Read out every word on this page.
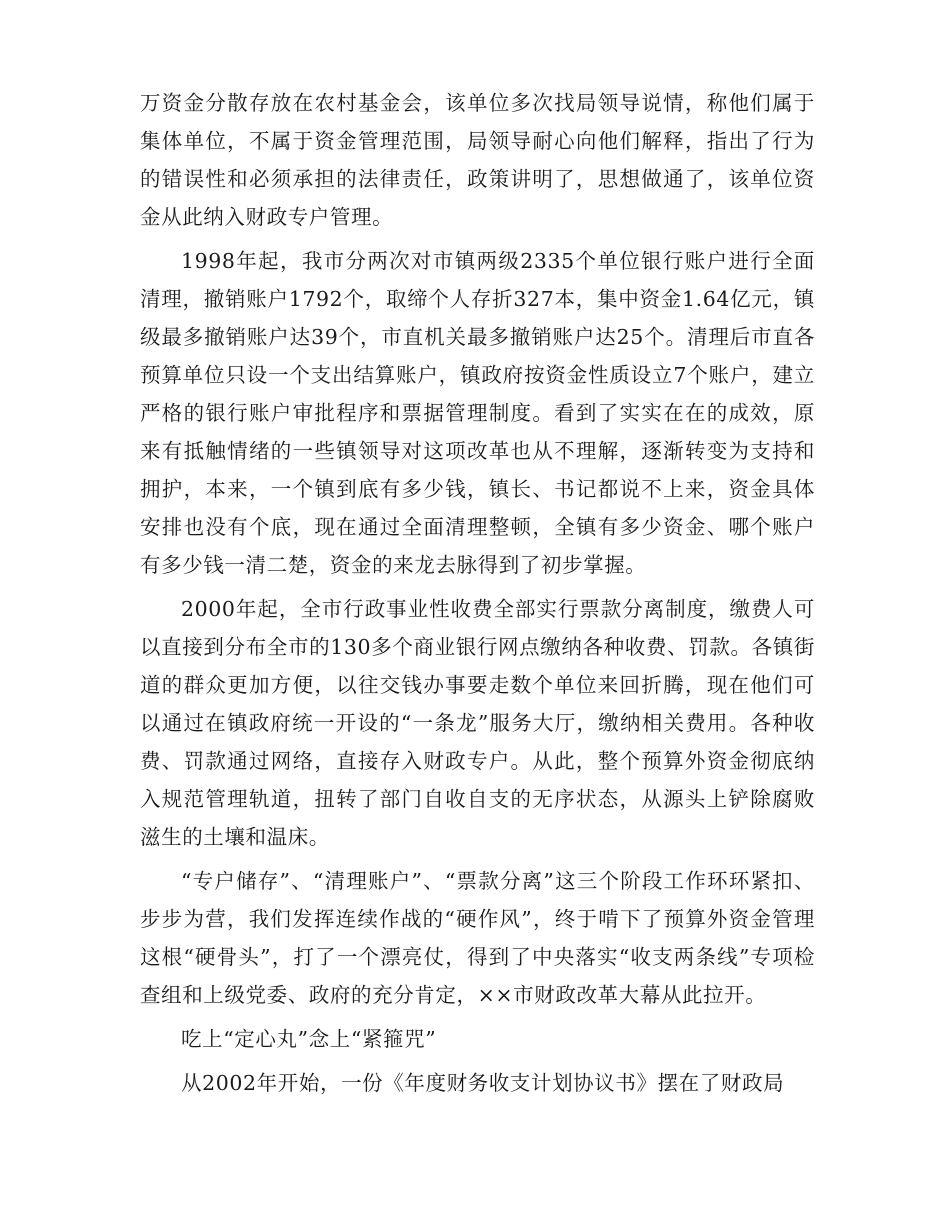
万资金分散存放在农村基金会，该单位多次找局领导说情，称他们属于集体单位，不属于资金管理范围，局领导耐心向他们解释，指出了行为的错误性和必须承担的法律责任，政策讲明了，思想做通了，该单位资金从此纳入财政专户管理。

1998年起，我市分两次对市镇两级2335个单位银行账户进行全面清理，撤销账户1792个，取缔个人存折327本，集中资金1.64亿元，镇级最多撤销账户达39个，市直机关最多撤销账户达25个。清理后市直各预算单位只设一个支出结算账户，镇政府按资金性质设立7个账户，建立严格的银行账户审批程序和票据管理制度。看到了实实在在的成效，原来有抵触情绪的一些镇领导对这项改革也从不理解，逐渐转变为支持和拥护，本来，一个镇到底有多少钱，镇长、书记都说不上来，资金具体安排也没有个底，现在通过全面清理整顿，全镇有多少资金、哪个账户有多少钱一清二楚，资金的来龙去脉得到了初步掌握。

2000年起，全市行政事业性收费全部实行票款分离制度，缴费人可以直接到分布全市的130多个商业银行网点缴纳各种收费、罚款。各镇街道的群众更加方便，以往交钱办事要走数个单位来回折腾，现在他们可以通过在镇政府统一开设的“一条龙”服务大厅，缴纳相关费用。各种收费、罚款通过网络，直接存入财政专户。从此，整个预算外资金彻底纳入规范管理轨道，扭转了部门自收自支的无序状态，从源头上铲除腐败滋生的土壤和温床。

“专户储存”、“清理账户”、“票款分离”这三个阶段工作环环紧扣、步步为营，我们发挥连续作战的“硬作风”，终于啃下了预算外资金管理这根“硬骨头”，打了一个漂亮仗，得到了中央落实“收支两条线”专项检查组和上级党委、政府的充分肯定，××市财政改革大幕从此拉开。

吃上“定心丸”念上“紧箍咒”

从2002年开始，一份《年度财务收支计划协议书》摆在了财政局
